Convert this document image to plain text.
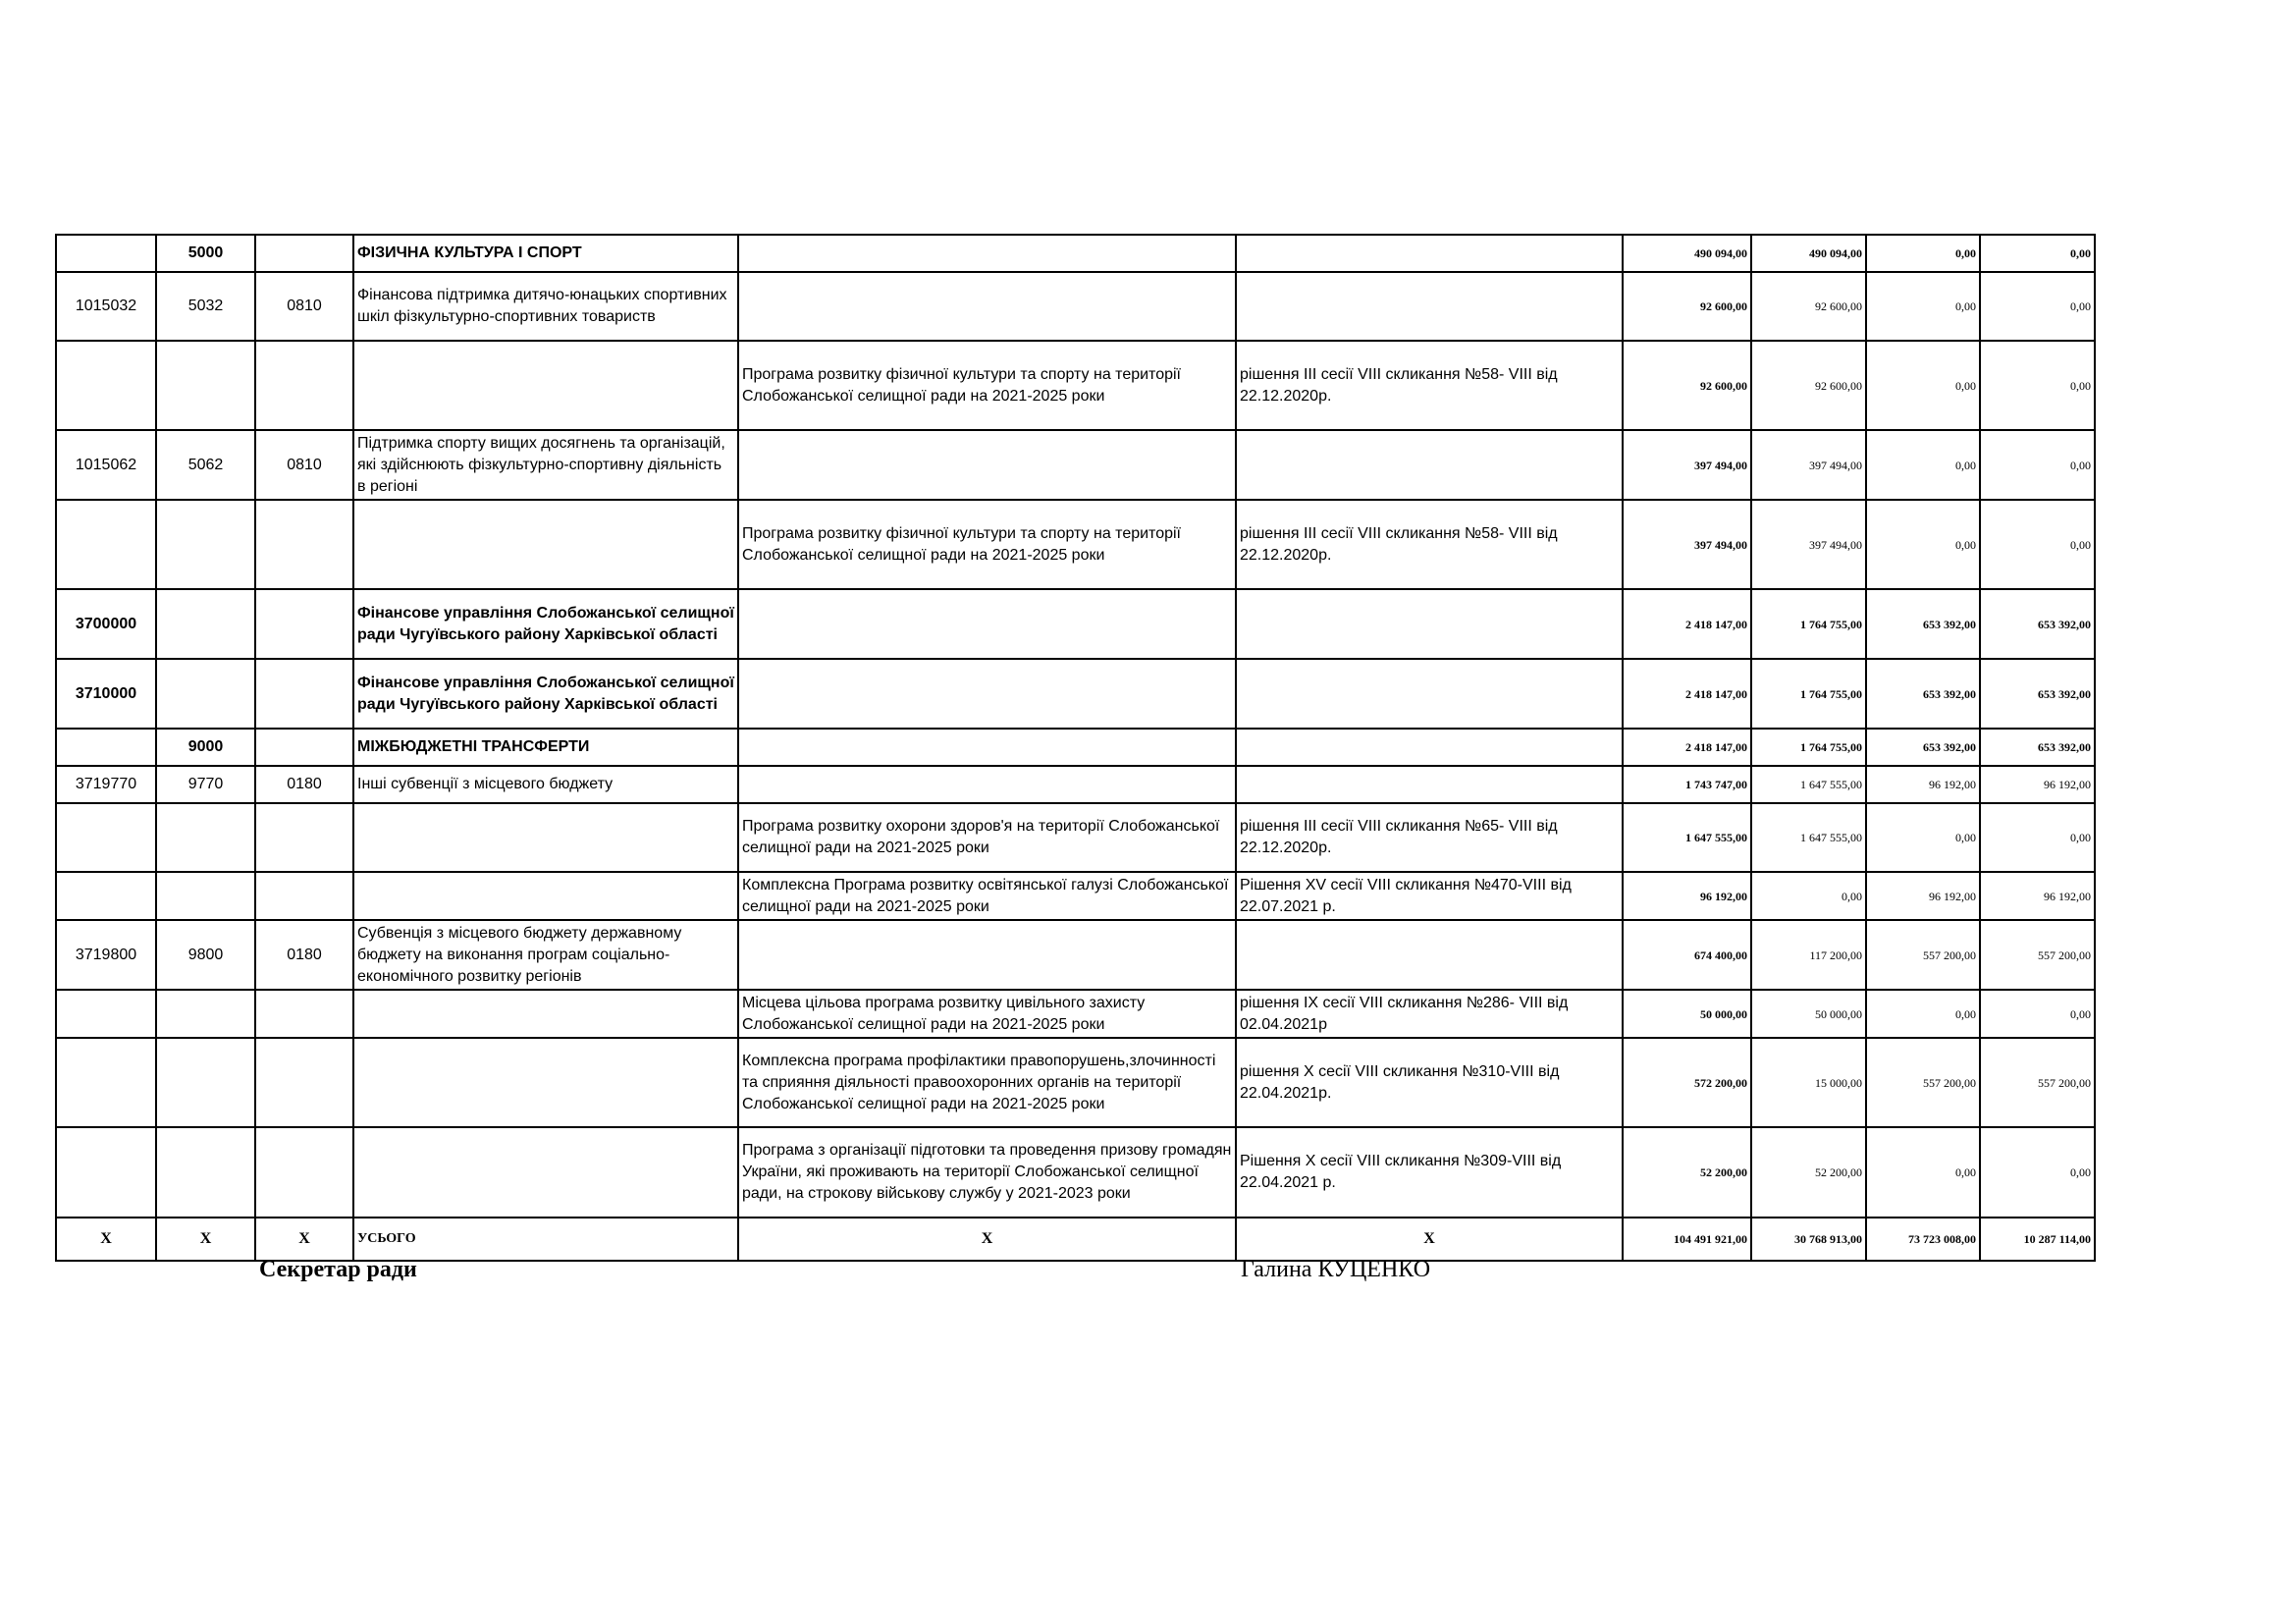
	5000		ФІЗИЧНА КУЛЬТУРА І СПОРТ			490 094,00	490 094,00	0,00	0,00
1015032	5032	0810	Фінансова підтримка дитячо-юнацьких спортивних шкіл фізкультурно-спортивних товариств			92 600,00	92 600,00	0,00	0,00
				Програма розвитку фізичної культури та спорту на території Слобожанської селищної ради на 2021-2025 роки	рішення ІІІ сесії VIII скликання №58- VIII від 22.12.2020р.	92 600,00	92 600,00	0,00	0,00
1015062	5062	0810	Підтримка спорту вищих досягнень та організацій, які здійснюють фізкультурно-спортивну діяльність в регіоні			397 494,00	397 494,00	0,00	0,00
				Програма розвитку фізичної культури та спорту на території Слобожанської селищної ради на 2021-2025 роки	рішення ІІІ сесії VIII скликання №58- VIII від 22.12.2020р.	397 494,00	397 494,00	0,00	0,00
3700000			Фінансове управління Слобожанської селищної ради Чугуївського району Харківської області			2 418 147,00	1 764 755,00	653 392,00	653 392,00
3710000			Фінансове управління Слобожанської селищної ради Чугуївського району Харківської області			2 418 147,00	1 764 755,00	653 392,00	653 392,00
	9000		МІЖБЮДЖЕТНІ ТРАНСФЕРТИ			2 418 147,00	1 764 755,00	653 392,00	653 392,00
3719770	9770	0180	Інші субвенції з місцевого бюджету			1 743 747,00	1 647 555,00	96 192,00	96 192,00
				Програма розвитку охорони здоров'я на території Слобожанської селищної ради на 2021-2025 роки	рішення ІІІ сесії VIII скликання №65- VIII від 22.12.2020р.	1 647 555,00	1 647 555,00	0,00	0,00
				Комплексна Програма розвитку освітянської галузі Слобожанської селищної ради на 2021-2025 роки	Рішення XV сесії VIII скликання №470-VIII від 22.07.2021 р.	96 192,00	0,00	96 192,00	96 192,00
3719800	9800	0180	Субвенція з місцевого бюджету державному бюджету на виконання програм соціально-економічного розвитку регіонів			674 400,00	117 200,00	557 200,00	557 200,00
				Місцева цільова програма розвитку цивільного захисту Слобожанської селищної ради на 2021-2025 роки	рішення ІX сесії VIII скликання №286- VIII від 02.04.2021р	50 000,00	50 000,00	0,00	0,00
				Комплексна програма профілактики правопорушень,злочинності та сприяння діяльності правоохоронних органів на території Слобожанської селищної ради на 2021-2025 роки	рішення X сесії VIII скликання №310-VIII від 22.04.2021р.	572 200,00	15 000,00	557 200,00	557 200,00
				Програма з організації підготовки та проведення призову громадян України, які проживають на території Слобожанської селищної ради, на строкову військову службу у 2021-2023 роки	Рішення X сесії VIII скликання №309-VIII від 22.04.2021 р.	52 200,00	52 200,00	0,00	0,00
X	X	X	УСЬОГО	X	X	104 491 921,00	30 768 913,00	73 723 008,00	10 287 114,00
Секретар ради	Галина КУЦЕНКО
